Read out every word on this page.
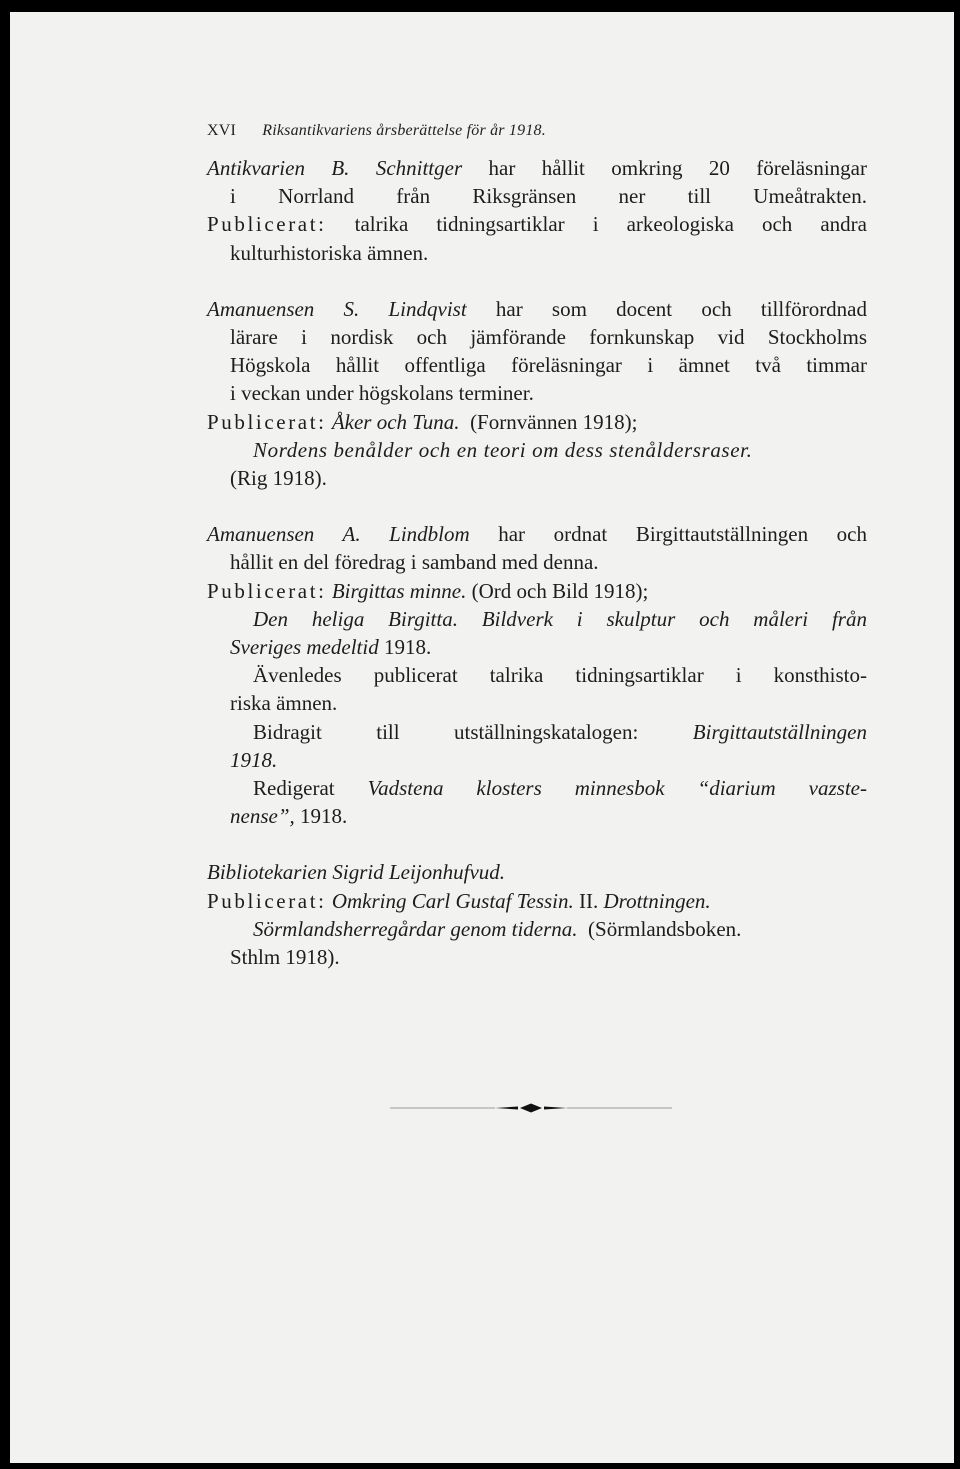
XVI Riksantikvariens årsberättelse för år 1918.
Antikvarien B. Schnittger har hållit omkring 20 föreläsningar
i Norrland från Riksgränsen ner till Umeåtrakten.
Publicerat: talrika tidningsartiklar i arkeologiska och andra
kulturhistoriska ämnen.
Amanuensen S. Lindqvist har som docent och tillförordnad
lärare i nordisk och jämförande fornkunskap vid Stockholms
Högskola hållit offentliga föreläsningar i ämnet två timmar
i veckan under högskolans terminer.
Publicerat: Åker och Tuna. (Fornvännen 1918);
Nordens benålder och en teori om dess stenåldersraser.
(Rig 1918).
Amanuensen A. Lindblom har ordnat Birgittautställningen och
hållit en del föredrag i samband med denna.
Publicerat: Birgittas minne. (Ord och Bild 1918);
Den heliga Birgitta. Bildverk i skulptur och måleri från
Sveriges medeltid 1918.
Ävenledes publicerat talrika tidningsartiklar i konsthisto-
riska ämnen.
Bidragit till utställningskatalogen:	Birgittautställningen
1918.
Redigerat Vadstena klosters minnesbok “diarium vazste-
nense”, 1918.
Bibliotekarien Sigrid Leijonhufvud.
Publicerat: Omkring Carl Gustaf Tessin. II. Drottningen.
Sörmlandsherregårdar genom tiderna. (Sörmlandsboken.
Sthlm 1918).
